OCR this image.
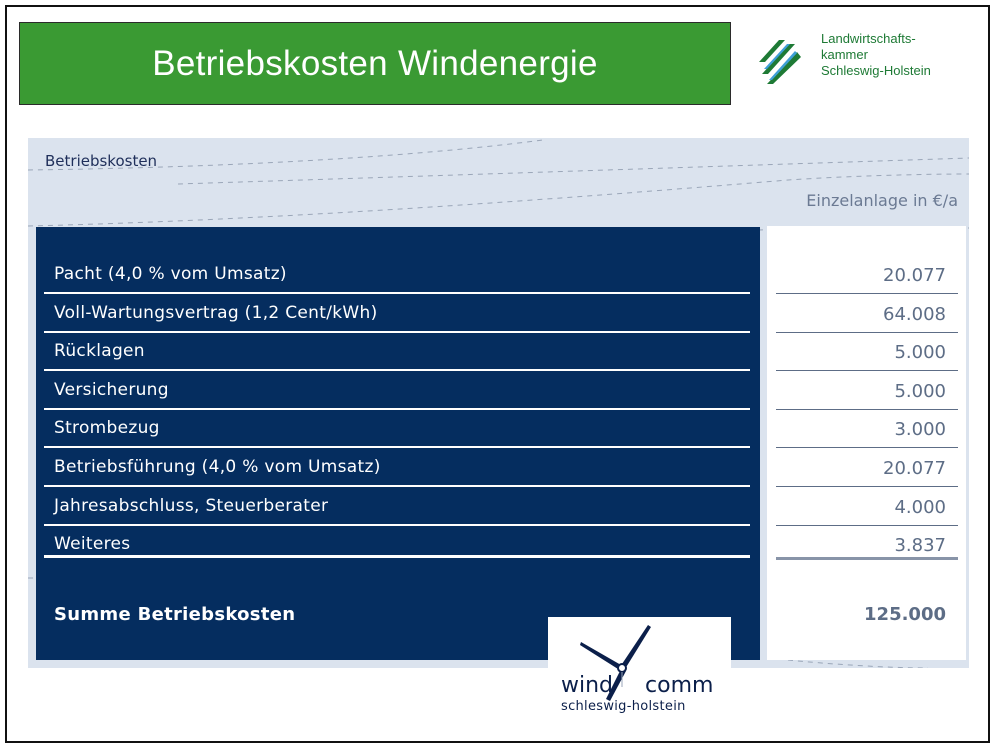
Betriebskosten Windenergie
Landwirtschafts-
kammer
Schleswig-Holstein
Betriebskosten
Einzelanlage in €/a
Pacht (4,0 % vom Umsatz)	20.077
Voll-Wartungsvertrag (1,2 Cent/kWh)	64.008
Rücklagen	5.000
Versicherung	5.000
Strombezug	3.000
Betriebsführung (4,0 % vom Umsatz)	20.077
Jahresabschluss, Steuerberater	4.000
Weiteres	3.837
Summe Betriebskosten	125.000
wind comm
schleswig-holstein
